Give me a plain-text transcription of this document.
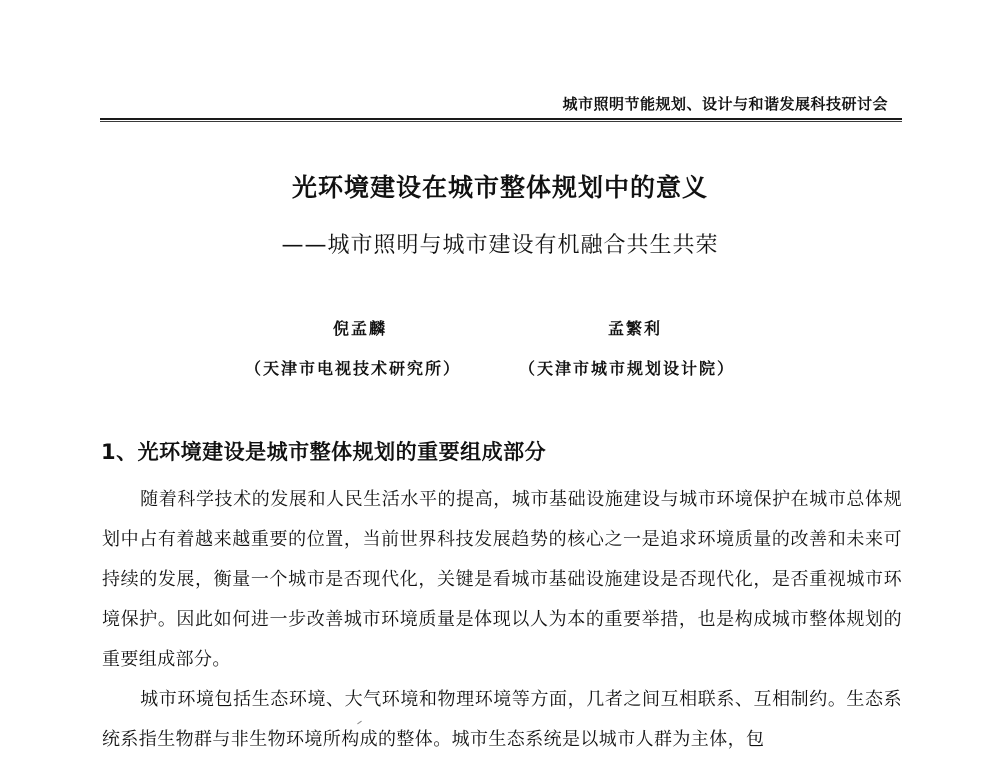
城市照明节能规划、设计与和谐发展科技研讨会
光环境建设在城市整体规划中的意义
——城市照明与城市建设有机融合共生共荣
倪孟麟	孟繁利
（天津市电视技术研究所）	（天津市城市规划设计院）
1、光环境建设是城市整体规划的重要组成部分
随着科学技术的发展和人民生活水平的提高，城市基础设施建设与城市环境保护在城市总体规划中占有着越来越重要的位置，当前世界科技发展趋势的核心之一是追求环境质量的改善和未来可持续的发展，衡量一个城市是否现代化，关键是看城市基础设施建设是否现代化，是否重视城市环境保护。因此如何进一步改善城市环境质量是体现以人为本的重要举措，也是构成城市整体规划的重要组成部分。
城市环境包括生态环境、大气环境和物理环境等方面，几者之间互相联系、互相制约。生态系统系指生物群与非生物环境所构成的整体。城市生态系统是以城市人群为主体，包
